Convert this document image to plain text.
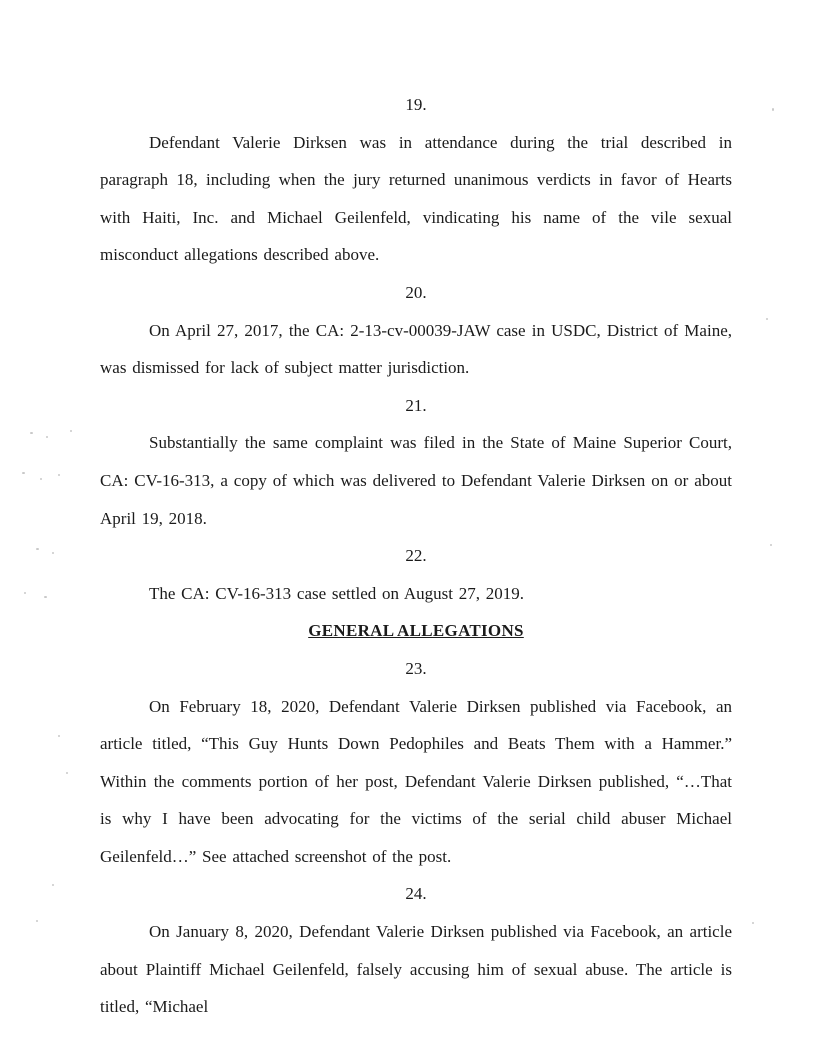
19.

Defendant Valerie Dirksen was in attendance during the trial described in paragraph 18, including when the jury returned unanimous verdicts in favor of Hearts with Haiti, Inc. and Michael Geilenfeld, vindicating his name of the vile sexual misconduct allegations described above.

20.

On April 27, 2017, the CA: 2-13-cv-00039-JAW case in USDC, District of Maine, was dismissed for lack of subject matter jurisdiction.

21.

Substantially the same complaint was filed in the State of Maine Superior Court, CA: CV-16-313, a copy of which was delivered to Defendant Valerie Dirksen on or about April 19, 2018.

22.

The CA: CV-16-313 case settled on August 27, 2019.

GENERAL ALLEGATIONS

23.

On February 18, 2020, Defendant Valerie Dirksen published via Facebook, an article titled, “This Guy Hunts Down Pedophiles and Beats Them with a Hammer.” Within the comments portion of her post, Defendant Valerie Dirksen published, “…That is why I have been advocating for the victims of the serial child abuser Michael Geilenfeld…” See attached screenshot of the post.

24.

On January 8, 2020, Defendant Valerie Dirksen published via Facebook, an article about Plaintiff Michael Geilenfeld, falsely accusing him of sexual abuse. The article is titled, “Michael
